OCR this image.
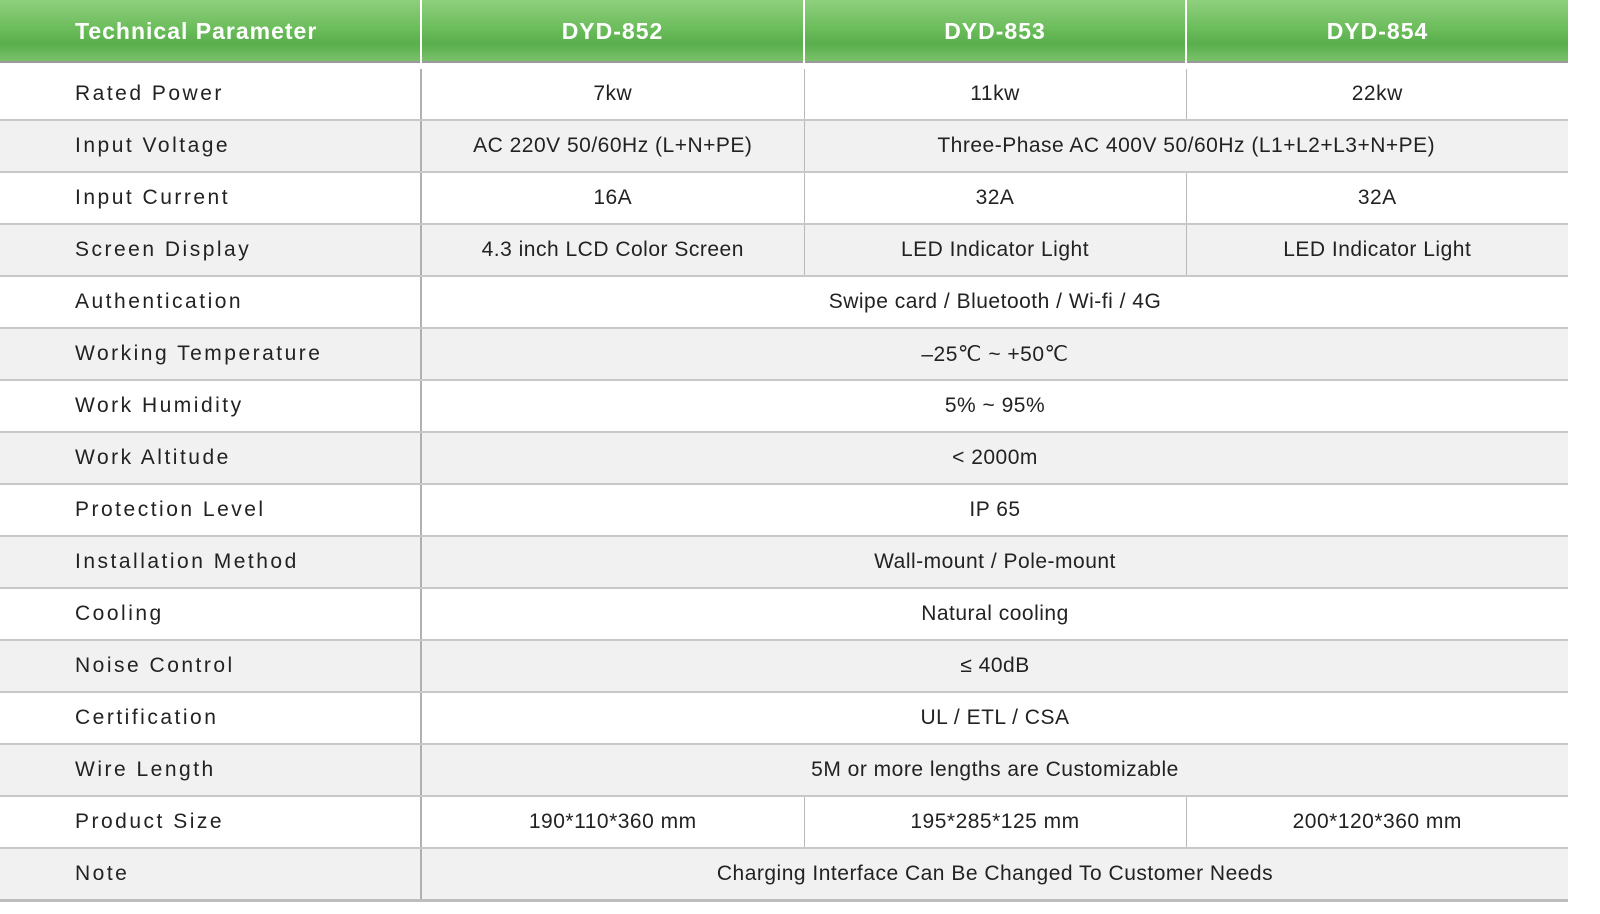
Technical Parameter	DYD-852	DYD-853	DYD-854
Rated Power	7kw	11kw	22kw
Input Voltage	AC 220V 50/60Hz (L+N+PE)	Three-Phase AC 400V 50/60Hz (L1+L2+L3+N+PE)	
Input Current	16A	32A	32A
Screen Display	4.3 inch LCD Color Screen	LED Indicator Light	LED Indicator Light
Authentication	Swipe card / Bluetooth / Wi-fi / 4G		
Working Temperature	–25℃ ~ +50℃		
Work Humidity	5% ~ 95%		
Work Altitude	< 2000m		
Protection Level	IP 65		
Installation Method	Wall-mount / Pole-mount		
Cooling	Natural cooling		
Noise Control	≤ 40dB		
Certification	UL / ETL / CSA		
Wire Length	5M or more lengths are Customizable		
Product Size	190*110*360 mm	195*285*125 mm	200*120*360 mm
Note	Charging Interface Can Be Changed To Customer Needs		
